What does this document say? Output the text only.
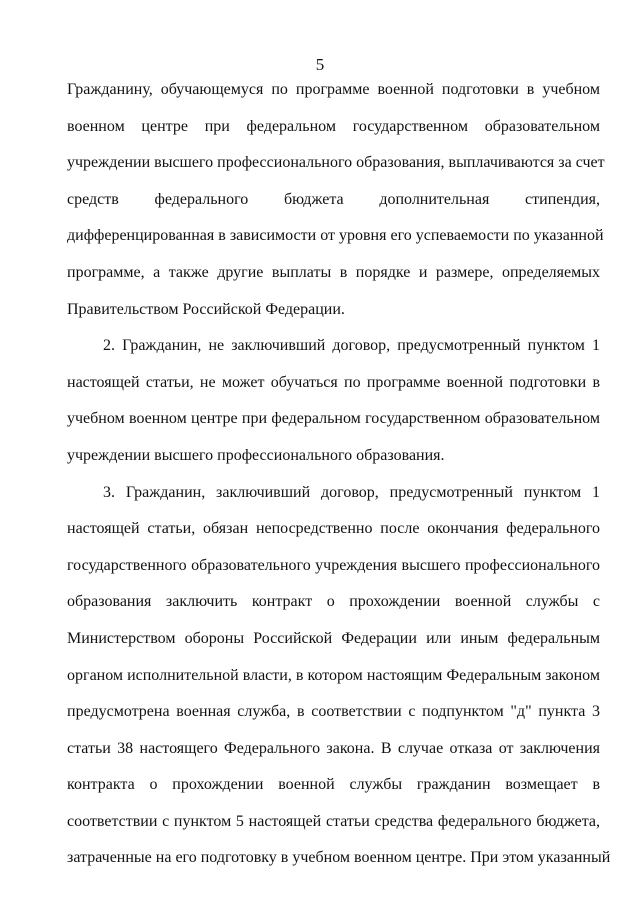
5

Гражданину, обучающемуся по программе военной подготовки в учебном
военном центре при федеральном государственном образовательном
учреждении высшего профессионального образования, выплачиваются за счет
средств федерального бюджета дополнительная стипендия,
дифференцированная в зависимости от уровня его успеваемости по указанной
программе, а также другие выплаты в порядке и размере, определяемых
Правительством Российской Федерации.

2. Гражданин, не заключивший договор, предусмотренный пунктом 1
настоящей статьи, не может обучаться по программе военной подготовки в
учебном военном центре при федеральном государственном образовательном
учреждении высшего профессионального образования.

3. Гражданин, заключивший договор, предусмотренный пунктом 1
настоящей статьи, обязан непосредственно после окончания федерального
государственного образовательного учреждения высшего профессионального
образования заключить контракт о прохождении военной службы с
Министерством обороны Российской Федерации или иным федеральным
органом исполнительной власти, в котором настоящим Федеральным законом
предусмотрена военная служба, в соответствии с подпунктом "д" пункта 3
статьи 38 настоящего Федерального закона. В случае отказа от заключения
контракта о прохождении военной службы гражданин возмещает в
соответствии с пунктом 5 настоящей статьи средства федерального бюджета,
затраченные на его подготовку в учебном военном центре. При этом указанный
